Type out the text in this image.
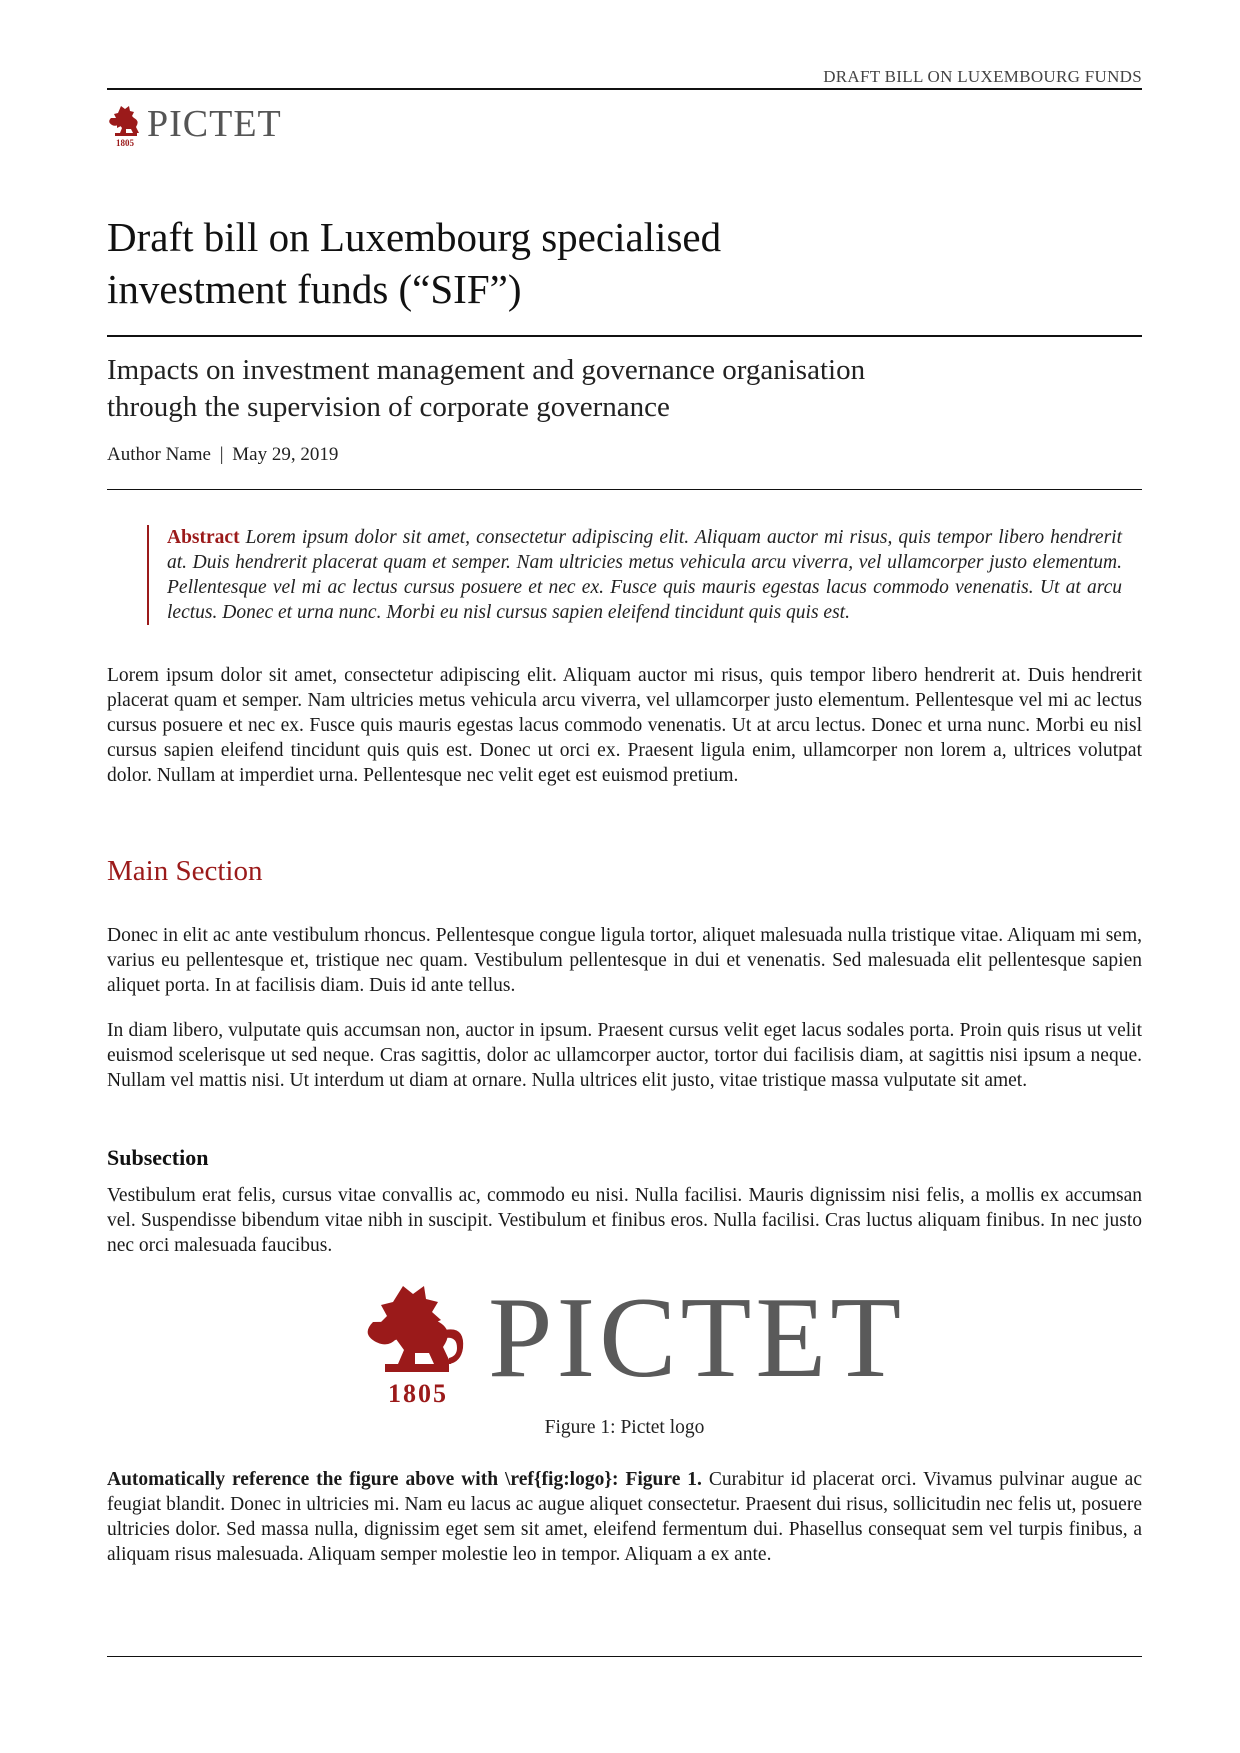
DRAFT BILL ON LUXEMBOURG FUNDS
1805 PICTET
Draft bill on Luxembourg specialised
investment funds (“SIF”)
Impacts on investment management and governance organisation
through the supervision of corporate governance
Author Name | May 29, 2019
Abstract Lorem ipsum dolor sit amet, consectetur adipiscing elit. Aliquam auctor mi risus, quis tempor libero hendrerit at. Duis hendrerit placerat quam et semper. Nam ultricies metus vehicula arcu viverra, vel ullamcorper justo elementum. Pellentesque vel mi ac lectus cursus posuere et nec ex. Fusce quis mauris egestas lacus commodo venenatis. Ut at arcu lectus. Donec et urna nunc. Morbi eu nisl cursus sapien eleifend tincidunt quis quis est.

Lorem ipsum dolor sit amet, consectetur adipiscing elit. Aliquam auctor mi risus, quis tempor libero hendrerit at. Duis hendrerit placerat quam et semper. Nam ultricies metus vehicula arcu viverra, vel ullamcorper justo elementum. Pellentesque vel mi ac lectus cursus posuere et nec ex. Fusce quis mauris egestas lacus commodo venenatis. Ut at arcu lectus. Donec et urna nunc. Morbi eu nisl cursus sapien eleifend tincidunt quis quis est. Donec ut orci ex. Praesent ligula enim, ullamcorper non lorem a, ultrices volutpat dolor. Nullam at imperdiet urna. Pellentesque nec velit eget est euismod pretium.

Main Section

Donec in elit ac ante vestibulum rhoncus. Pellentesque congue ligula tortor, aliquet malesuada nulla tristique vitae. Aliquam mi sem, varius eu pellentesque et, tristique nec quam. Vestibulum pellentesque in dui et venenatis. Sed malesuada elit pellentesque sapien aliquet porta. In at facilisis diam. Duis id ante tellus.

In diam libero, vulputate quis accumsan non, auctor in ipsum. Praesent cursus velit eget lacus sodales porta. Proin quis risus ut velit euismod scelerisque ut sed neque. Cras sagittis, dolor ac ullamcorper auctor, tortor dui facilisis diam, at sagittis nisi ipsum a neque. Nullam vel mattis nisi. Ut interdum ut diam at ornare. Nulla ultrices elit justo, vitae tristique massa vulputate sit amet.

Subsection

Vestibulum erat felis, cursus vitae convallis ac, commodo eu nisi. Nulla facilisi. Mauris dignissim nisi felis, a mollis ex accumsan vel. Suspendisse bibendum vitae nibh in suscipit. Vestibulum et finibus eros. Nulla facilisi. Cras luctus aliquam finibus. In nec justo nec orci malesuada faucibus.

1805 PICTET
Figure 1: Pictet logo

Automatically reference the figure above with \ref{fig:logo}: Figure 1. Curabitur id placerat orci. Vivamus pulvinar augue ac feugiat blandit. Donec in ultricies mi. Nam eu lacus ac augue aliquet consectetur. Praesent dui risus, sollicitudin nec felis ut, posuere ultricies dolor. Sed massa nulla, dignissim eget sem sit amet, eleifend fermentum dui. Phasellus consequat sem vel turpis finibus, a aliquam risus malesuada. Aliquam semper molestie leo in tempor. Aliquam a ex ante.
